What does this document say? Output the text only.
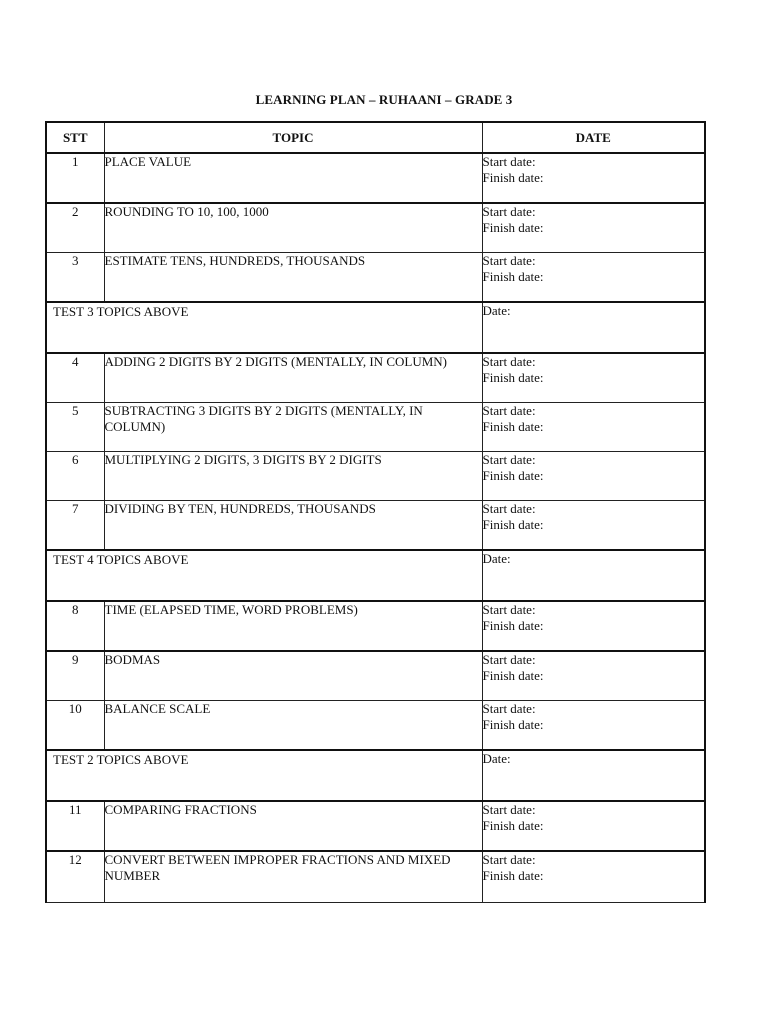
LEARNING PLAN – RUHAANI – GRADE 3
STT	TOPIC	DATE
1	PLACE VALUE	Start date:
Finish date:

2	ROUNDING TO 10, 100, 1000	Start date:
Finish date:

3	ESTIMATE TENS, HUNDREDS, THOUSANDS	Start date:
Finish date:

TEST 3 TOPICS ABOVE		Date:

4	ADDING 2 DIGITS BY 2 DIGITS (MENTALLY, IN COLUMN)	Start date:
Finish date:

5	SUBTRACTING 3 DIGITS BY 2 DIGITS (MENTALLY, IN COLUMN)	Start date:
Finish date:

6	MULTIPLYING 2 DIGITS, 3 DIGITS BY 2 DIGITS	Start date:
Finish date:

7	DIVIDING BY TEN, HUNDREDS, THOUSANDS	Start date:
Finish date:

TEST 4 TOPICS ABOVE		Date:

8	TIME (ELAPSED TIME, WORD PROBLEMS)	Start date:
Finish date:

9	BODMAS	Start date:
Finish date:

10	BALANCE SCALE	Start date:
Finish date:

TEST 2 TOPICS ABOVE		Date:

11	COMPARING FRACTIONS	Start date:
Finish date:

12	CONVERT BETWEEN IMPROPER FRACTIONS AND MIXED NUMBER	Start date:
Finish date:
